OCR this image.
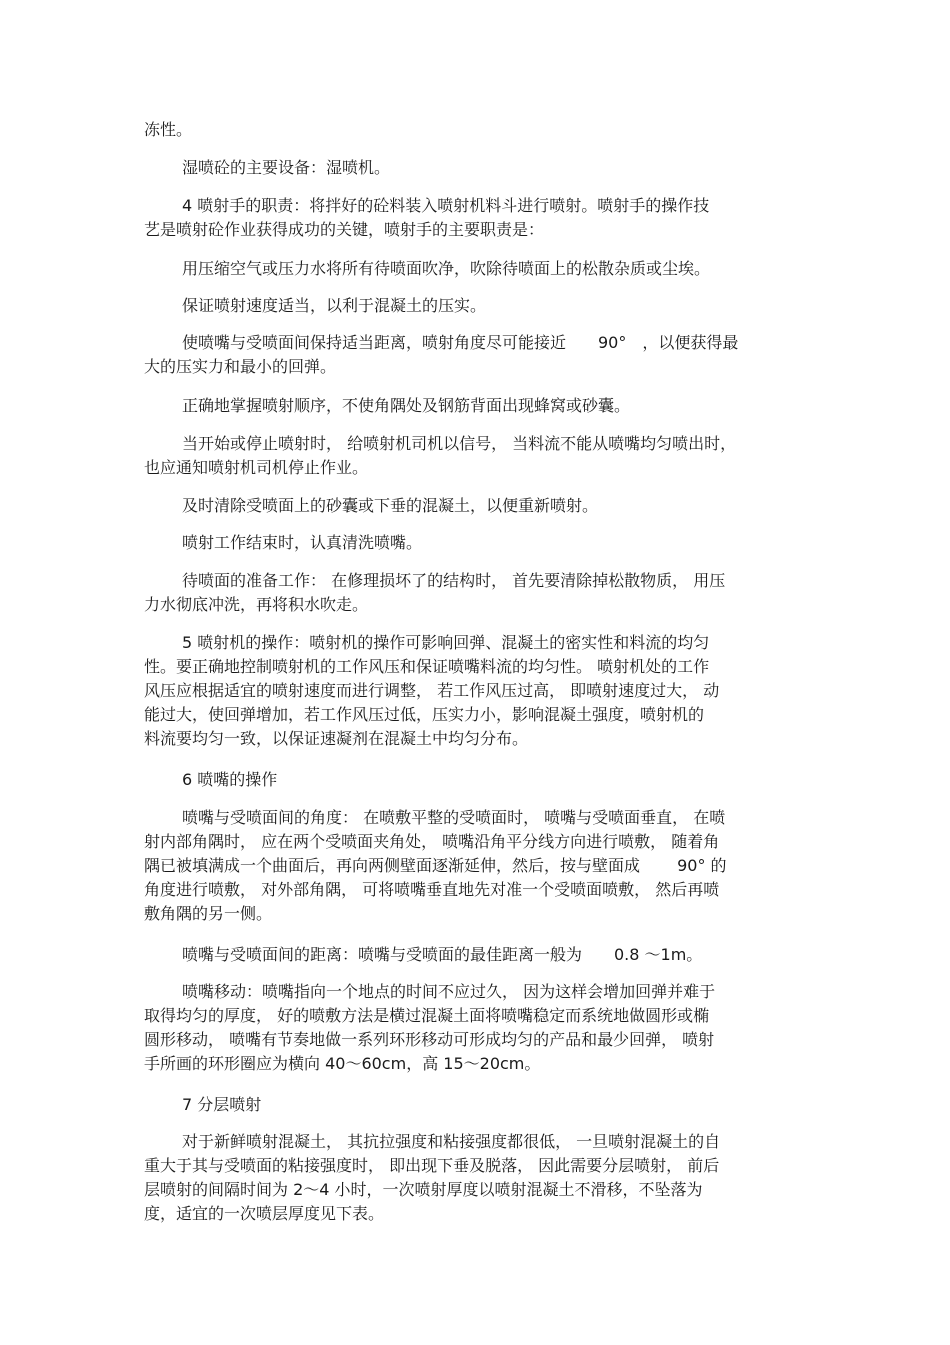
冻性。
湿喷砼的主要设备：湿喷机。
4 喷射手的职责：将拌好的砼料装入喷射机料斗进行喷射。喷射手的操作技
艺是喷射砼作业获得成功的关键，喷射手的主要职责是：
用压缩空气或压力水将所有待喷面吹净，吹除待喷面上的松散杂质或尘埃。
保证喷射速度适当，以利于混凝土的压实。
使喷嘴与受喷面间保持适当距离，喷射角度尽可能接近　　90°　，以便获得最
大的压实力和最小的回弹。
正确地掌握喷射顺序，不使角隅处及钢筋背面出现蜂窝或砂囊。
当开始或停止喷射时， 给喷射机司机以信号， 当料流不能从喷嘴均匀喷出时，
也应通知喷射机司机停止作业。
及时清除受喷面上的砂囊或下垂的混凝土，以便重新喷射。
喷射工作结束时，认真清洗喷嘴。
待喷面的准备工作： 在修理损坏了的结构时， 首先要清除掉松散物质， 用压
力水彻底冲洗，再将积水吹走。
5 喷射机的操作：喷射机的操作可影响回弹、混凝土的密实性和料流的均匀
性。要正确地控制喷射机的工作风压和保证喷嘴料流的均匀性。 喷射机处的工作
风压应根据适宜的喷射速度而进行调整， 若工作风压过高， 即喷射速度过大， 动
能过大，使回弹增加，若工作风压过低，压实力小，影响混凝土强度，喷射机的
料流要均匀一致，以保证速凝剂在混凝土中均匀分布。
6 喷嘴的操作
喷嘴与受喷面间的角度： 在喷敷平整的受喷面时， 喷嘴与受喷面垂直， 在喷
射内部角隅时， 应在两个受喷面夹角处， 喷嘴沿角平分线方向进行喷敷， 随着角
隅已被填满成一个曲面后，再向两侧壁面逐渐延伸，然后，按与壁面成　　 90° 的
角度进行喷敷， 对外部角隅， 可将喷嘴垂直地先对准一个受喷面喷敷， 然后再喷
敷角隅的另一侧。
喷嘴与受喷面间的距离：喷嘴与受喷面的最佳距离一般为　　0.8 ～1m。
喷嘴移动：喷嘴指向一个地点的时间不应过久， 因为这样会增加回弹并难于
取得均匀的厚度， 好的喷敷方法是横过混凝土面将喷嘴稳定而系统地做圆形或椭
圆形移动， 喷嘴有节奏地做一系列环形移动可形成均匀的产品和最少回弹， 喷射
手所画的环形圈应为横向 40～60cm，高 15～20cm。
7 分层喷射
对于新鲜喷射混凝土， 其抗拉强度和粘接强度都很低， 一旦喷射混凝土的自
重大于其与受喷面的粘接强度时， 即出现下垂及脱落， 因此需要分层喷射， 前后
层喷射的间隔时间为 2～4 小时，一次喷射厚度以喷射混凝土不滑移，不坠落为
度，适宜的一次喷层厚度见下表。
